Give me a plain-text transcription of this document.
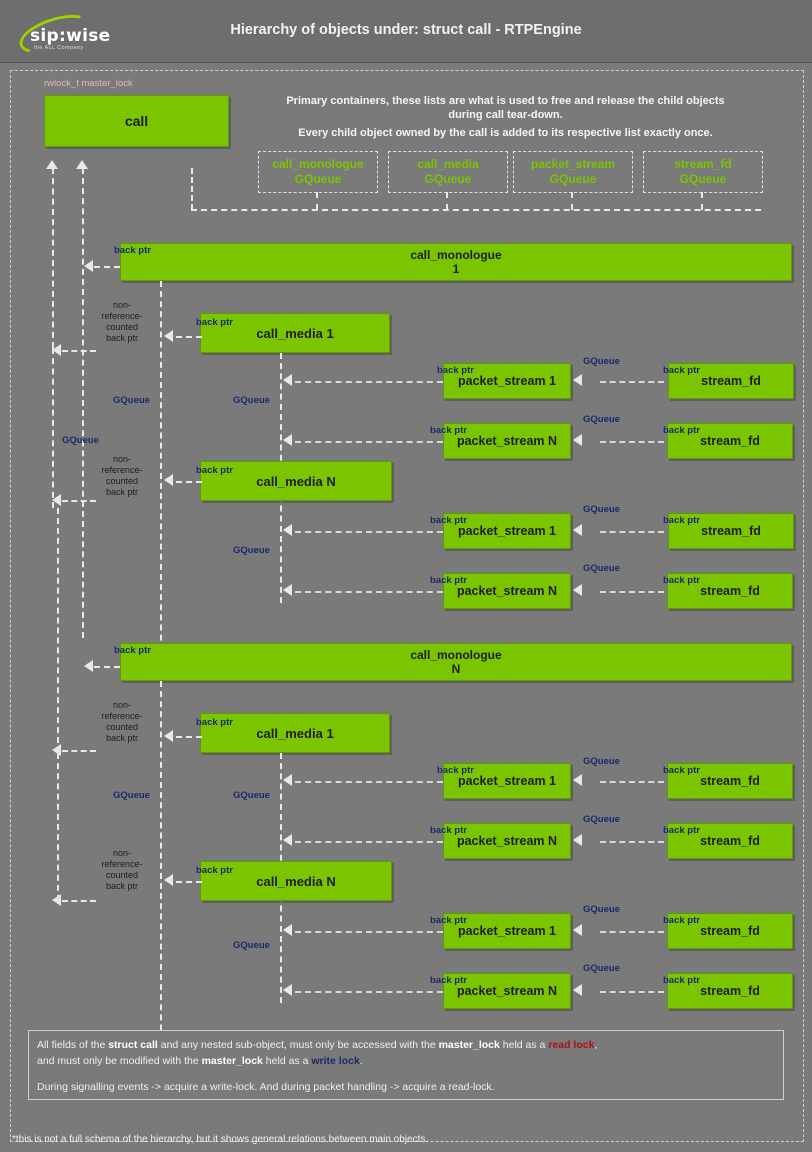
sip:wise
the ALL Company
Hierarchy of objects under: struct call - RTPEngine
rwlock_t master_lock
call
Primary containers, these lists are what is used to free and release the child objects
during call tear-down.
Every child object owned by the call is added to its respective list exactly once.
call_monologue
GQueue
call_media
GQueue
packet_stream
GQueue
stream_fd
GQueue
call_monologue
1
back ptr
call_media
1
back ptr
non-
reference-
counted
back ptr
GQueue
GQueue
GQueue
GQueue
packet_stream
1
back ptr
GQueue
stream_fd
back ptr
packet_stream
N
back ptr
GQueue
stream_fd
back ptr
call_media
N
back ptr
non-
reference-
counted
back ptr
packet_stream
1
back ptr
GQueue
stream_fd
back ptr
packet_stream
N
back ptr
GQueue
stream_fd
back ptr
call_monologue
N
back ptr
call_media
1
back ptr
non-
reference-
counted
back ptr
GQueue	GQueue
GQueue
packet_stream
1
back ptr
GQueue
stream_fd
back ptr
packet_stream
N
back ptr
GQueue
stream_fd
back ptr
call_media
N
back ptr
non-
reference-
counted
back ptr
packet_stream
1
back ptr
GQueue
stream_fd
back ptr
packet_stream
N
back ptr
GQueue
stream_fd
back ptr
All fields of the struct call and any nested sub-object, must only be accessed with the master_lock held as a read lock,
and must only be modified with the master_lock held as a write lock.
During signalling events -> acquire a write-lock. And during packet handling -> acquire a read-lock.
*this is not a full schema of the hierarchy, but it shows general relations between main objects.
